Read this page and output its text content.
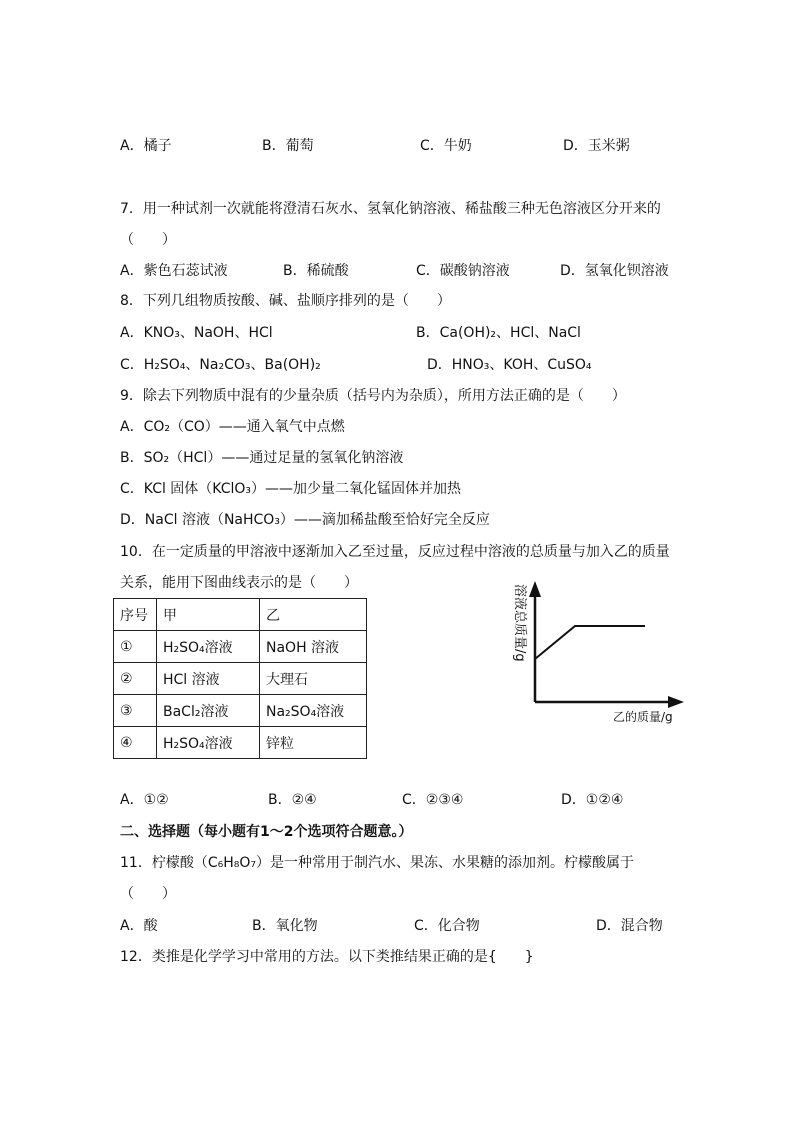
A．橘子	B．葡萄	C．牛奶	D．玉米粥
7．用一种试剂一次就能将澄清石灰水、氢氧化钠溶液、稀盐酸三种无色溶液区分开来的
（　　）
A．紫色石蕊试液	B．稀硫酸	C．碳酸钠溶液	D．氢氧化钡溶液
8．下列几组物质按酸、碱、盐顺序排列的是（　　）
A．KNO₃、NaOH、HCl	B．Ca(OH)₂、HCl、NaCl
C．H₂SO₄、Na₂CO₃、Ba(OH)₂	D．HNO₃、KOH、CuSO₄
9．除去下列物质中混有的少量杂质（括号内为杂质），所用方法正确的是（　　）
A．CO₂（CO）——通入氧气中点燃
B．SO₂（HCl）——通过足量的氢氧化钠溶液
C．KCl 固体（KClO₃）——加少量二氧化锰固体并加热
D．NaCl 溶液（NaHCO₃）——滴加稀盐酸至恰好完全反应
10．在一定质量的甲溶液中逐渐加入乙至过量，反应过程中溶液的总质量与加入乙的质量
关系，能用下图曲线表示的是（　　）
序号	甲	乙
①	H₂SO₄溶液	NaOH 溶液
②	HCl 溶液	大理石
③	BaCl₂溶液	Na₂SO₄溶液
④	H₂SO₄溶液	锌粒
溶液总质量/g
乙的质量/g
A．①②	B．②④	C．②③④	D．①②④
二、选择题（每小题有1～2个选项符合题意。）
11．柠檬酸（C₆H₈O₇）是一种常用于制汽水、果冻、水果糖的添加剂。柠檬酸属于
（　　）
A．酸	B．氧化物	C．化合物	D．混合物
12．类推是化学学习中常用的方法。以下类推结果正确的是{　　}
